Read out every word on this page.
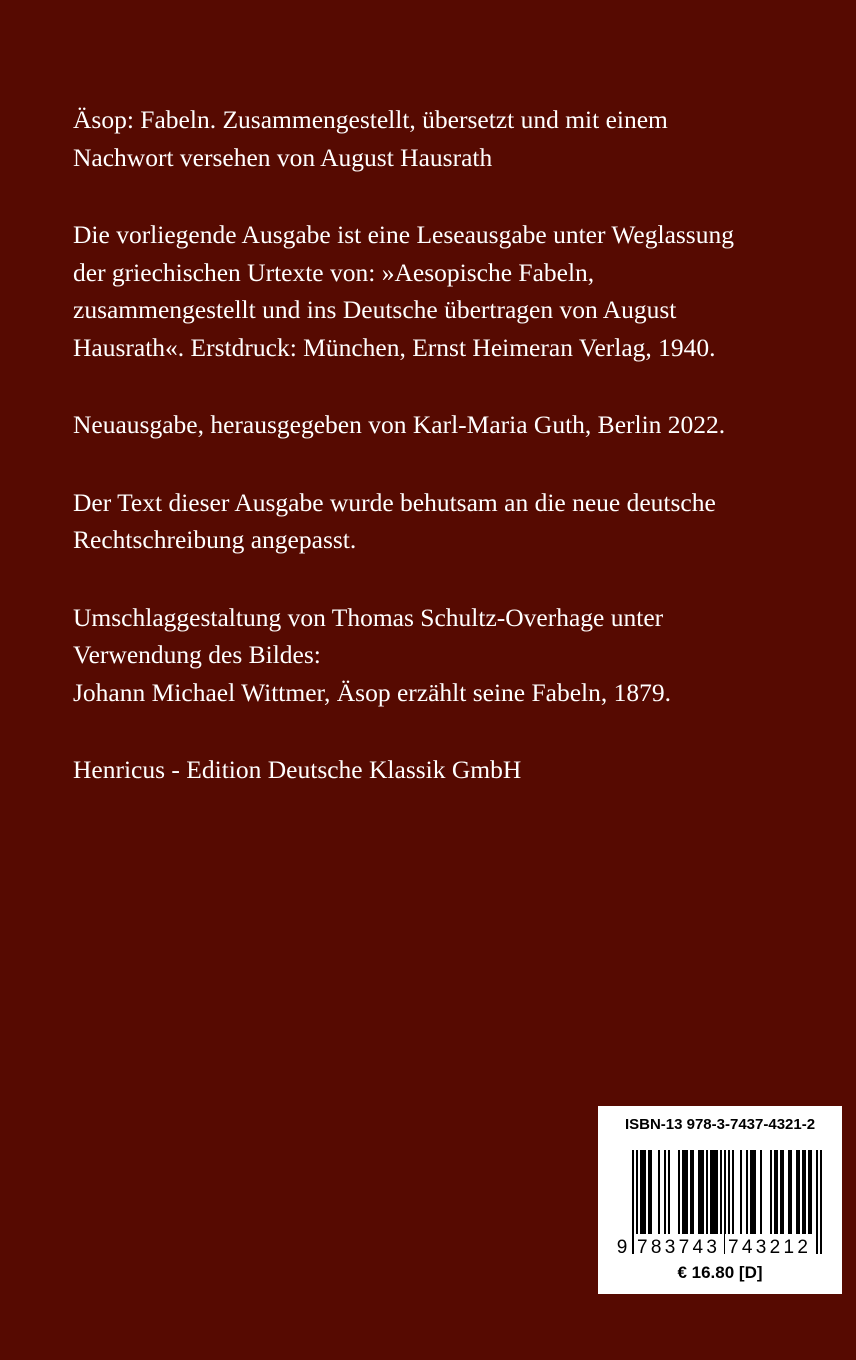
Äsop: Fabeln. Zusammengestellt, übersetzt und mit einem
Nachwort versehen von August Hausrath

Die vorliegende Ausgabe ist eine Leseausgabe unter Weglassung
der griechischen Urtexte von: »Aesopische Fabeln,
zusammengestellt und ins Deutsche übertragen von August
Hausrath«. Erstdruck: München, Ernst Heimeran Verlag, 1940.

Neuausgabe, herausgegeben von Karl-Maria Guth, Berlin 2022.

Der Text dieser Ausgabe wurde behutsam an die neue deutsche
Rechtschreibung angepasst.

Umschlaggestaltung von Thomas Schultz-Overhage unter
Verwendung des Bildes:
Johann Michael Wittmer, Äsop erzählt seine Fabeln, 1879.

Henricus - Edition Deutsche Klassik GmbH

ISBN-13 978-3-7437-4321-2
9 783743 743212
€ 16.80 [D]
